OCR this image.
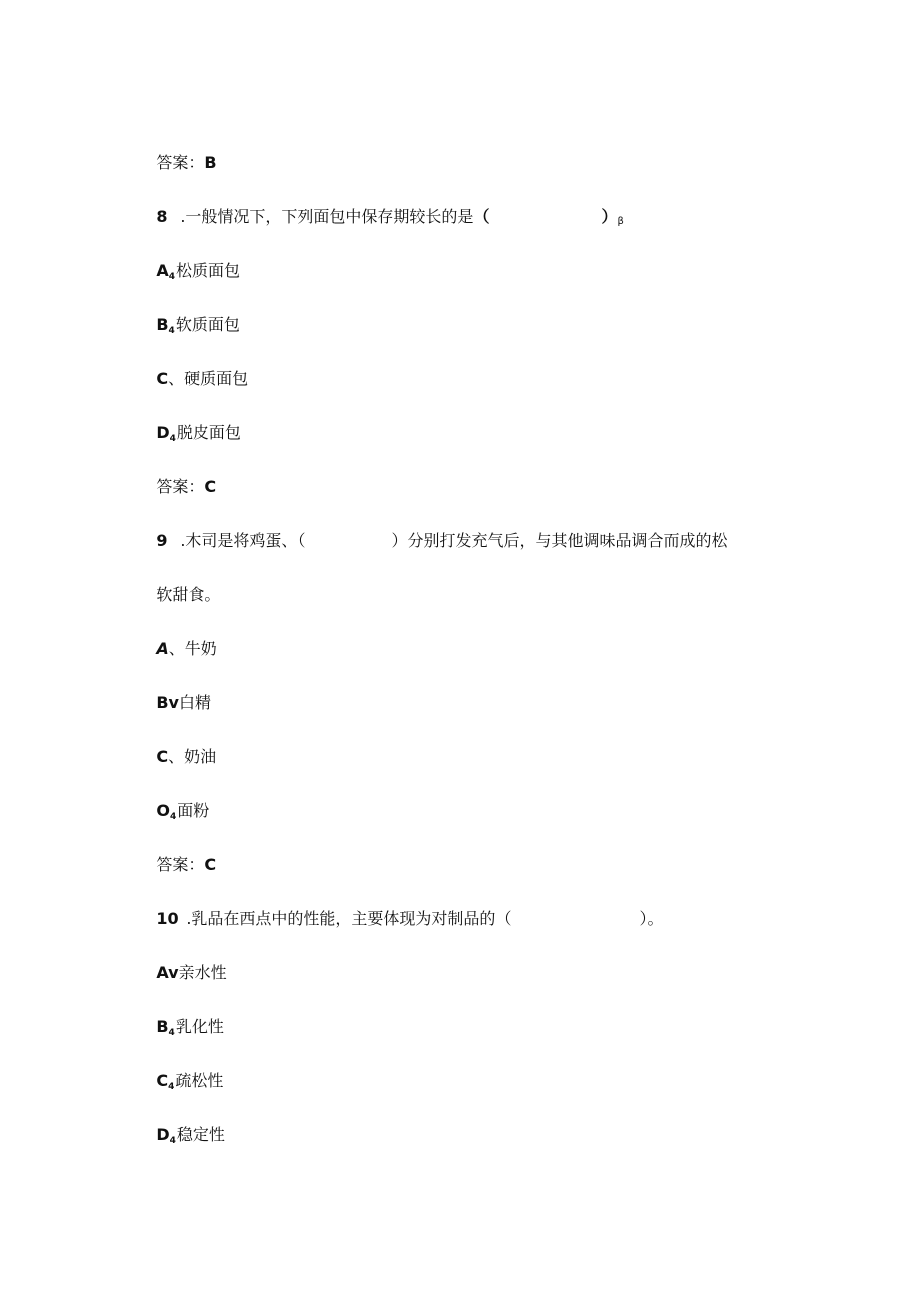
答案：B

8 .一般情况下，下列面包中保存期较长的是（	）β

$A_4$松质面包

$B_4$软质面包

C、硬质面包

$D_4$脱皮面包

答案：C

9 .木司是将鸡蛋、（	）分别打发充气后，与其他调味品调合而成的松

软甜食。

A、牛奶

Bv白精

C、奶油

$O_4$面粉

答案：C

10 .乳品在西点中的性能，主要体现为对制品的（	）。

Av亲水性

$B_4$乳化性

$C_4$疏松性

$D_4$稳定性
